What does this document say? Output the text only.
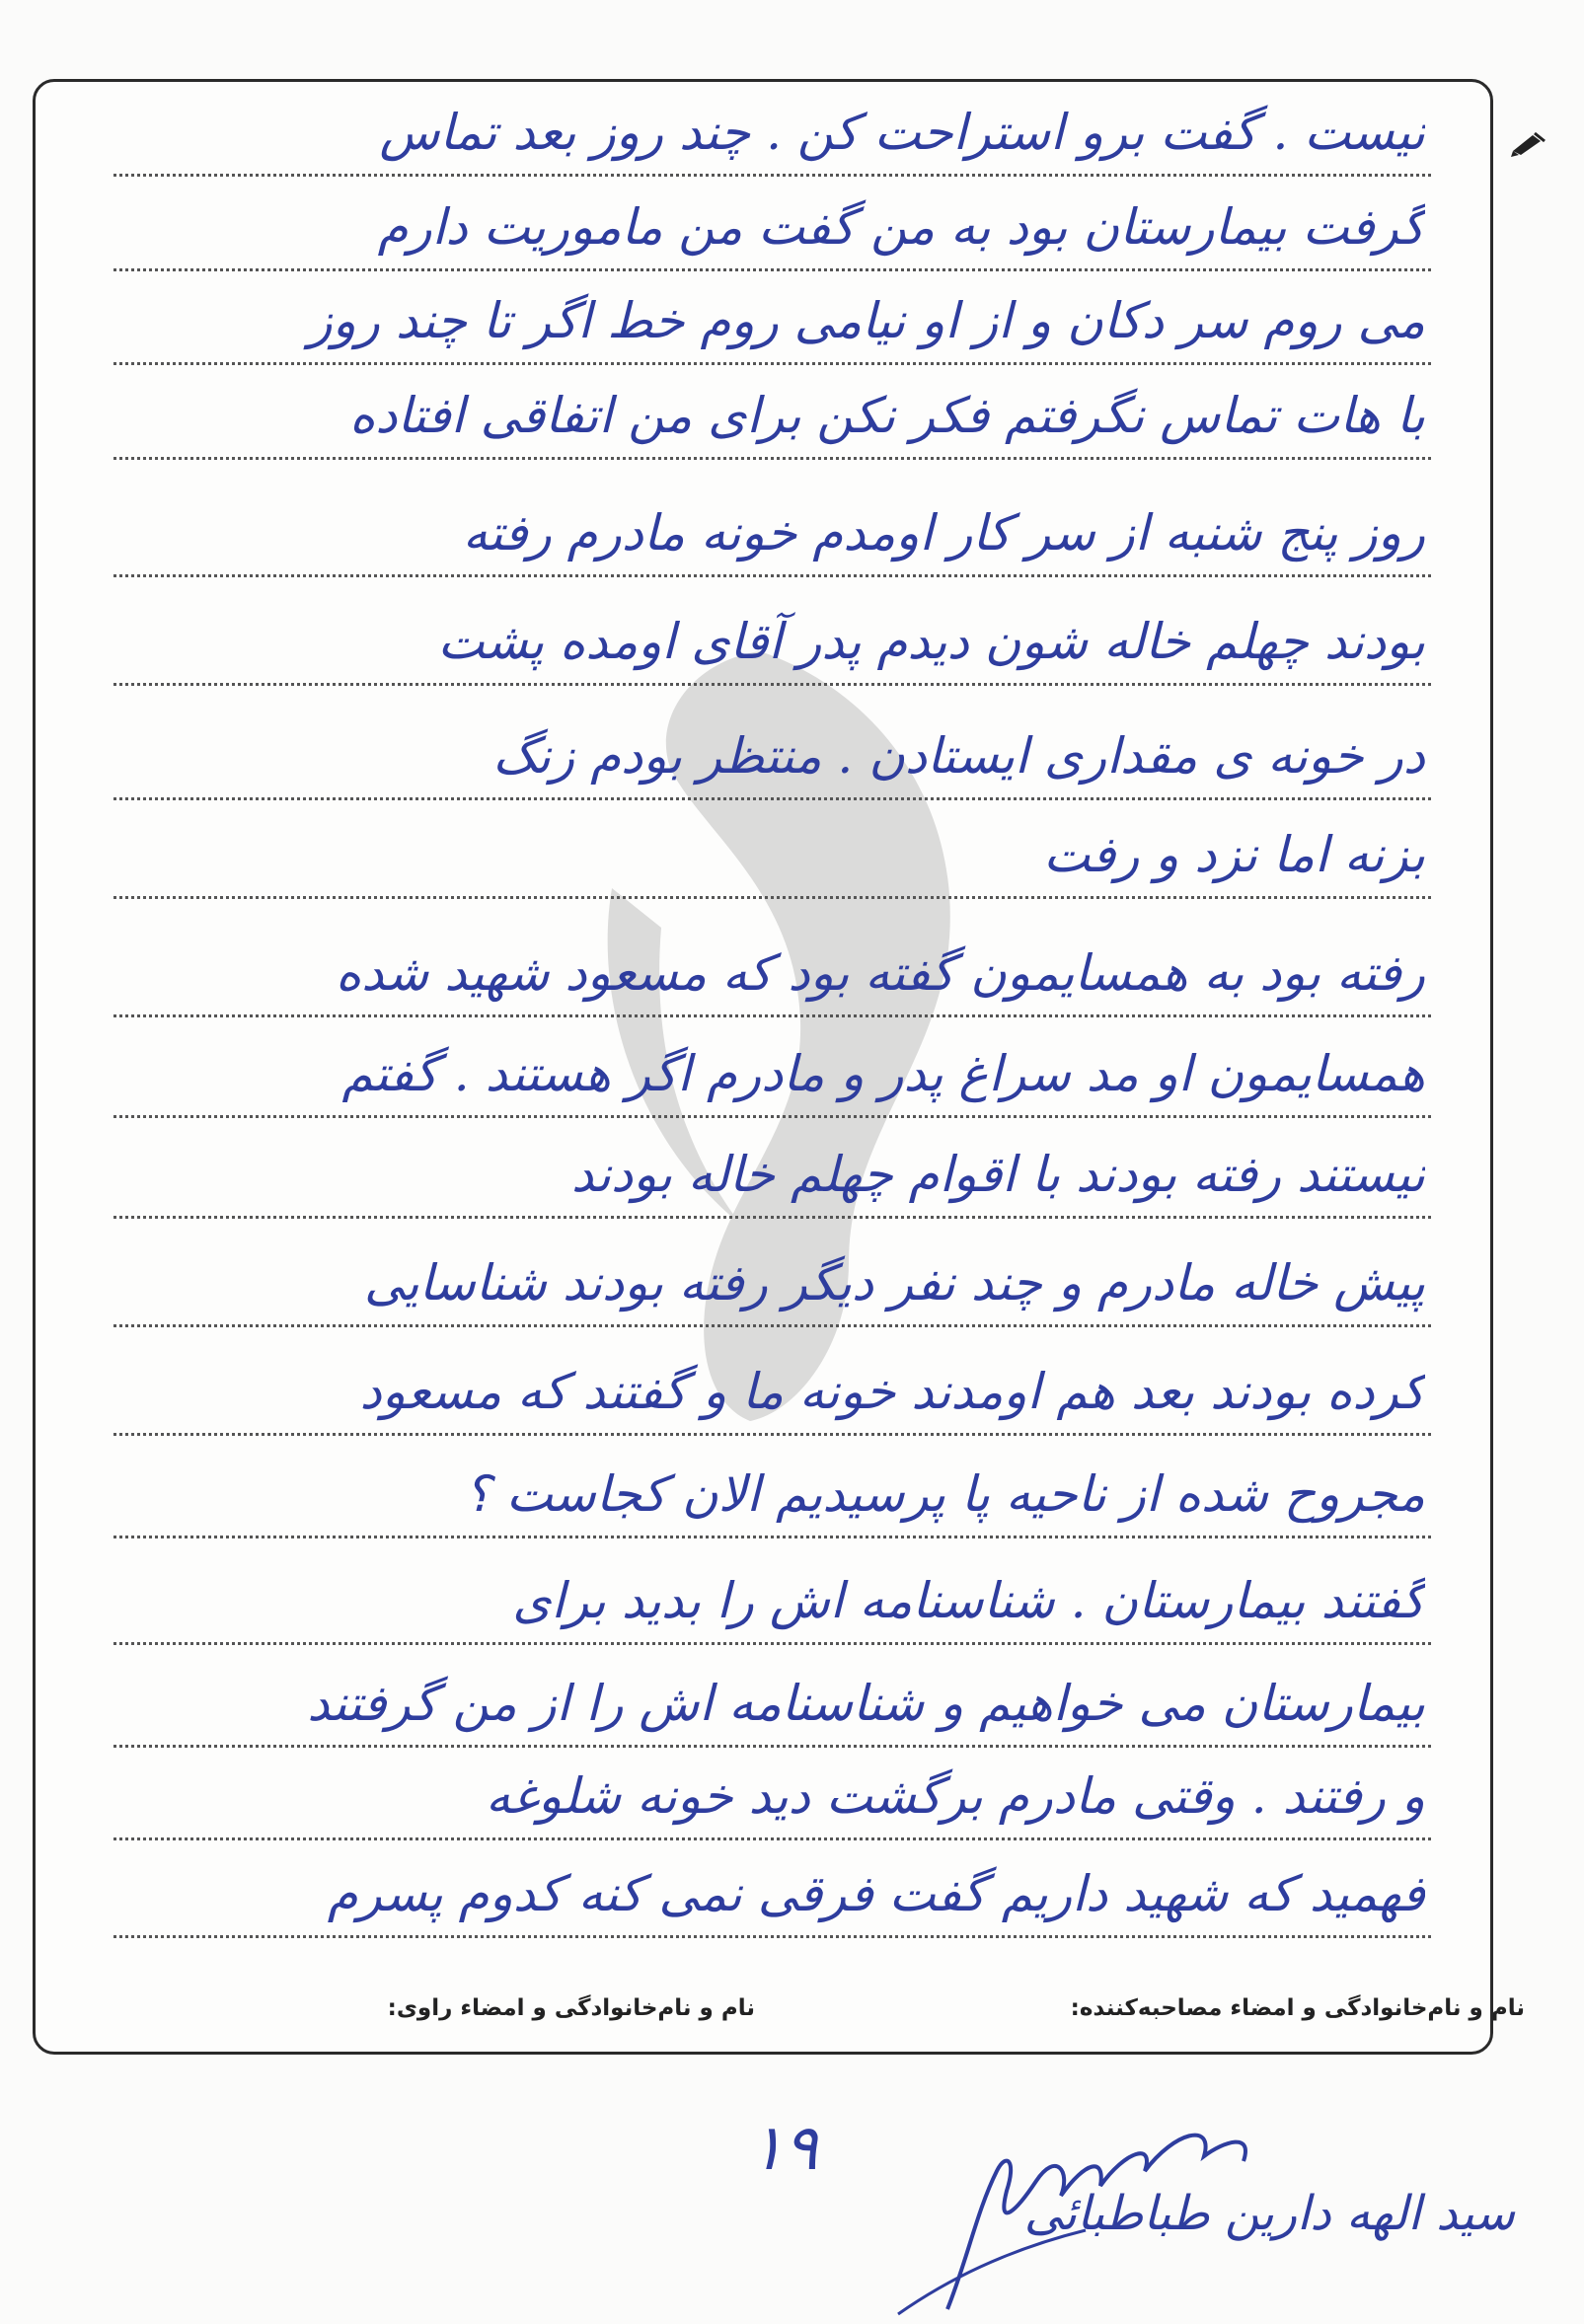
نیست . گفت برو استراحت کن . چند روز بعد تماس
گرفت بیمارستان بود به من گفت من ماموریت دارم
می روم سر دکان و از او نیامی روم خط اگر تا چند روز
با هات تماس نگرفتم فکر نکن برای من اتفاقی افتاده
روز پنج شنبه از سر کار اومدم خونه مادرم رفته
بودند چهلم خاله شون دیدم پدر آقای اومده پشت
در خونه ی مقداری ایستادن . منتظر بودم زنگ
بزنه اما نزد و رفت
رفته بود به همسایمون گفته بود که مسعود شهید شده
همسایمون او مد سراغ پدر و مادرم اگر هستند . گفتم
نیستند رفته بودند با اقوام چهلم خاله بودند
پیش خاله مادرم و چند نفر دیگر رفته بودند شناسایی
کرده بودند بعد هم اومدند خونه ما و گفتند که مسعود
مجروح شده از ناحیه پا پرسیدیم الان کجاست ؟
گفتند بیمارستان . شناسنامه اش را بدید برای
بیمارستان می خواهیم و شناسنامه اش را از من گرفتند
و رفتند . وقتی مادرم برگشت دید خونه شلوغه
فهمید که شهید داریم گفت فرقی نمی کنه کدوم پسرم
نام و نام‌خانوادگی و امضاء مصاحبه‌کننده:
نام و نام‌خانوادگی و امضاء راوی:
١٩
سید الهه دارین طباطبائی
